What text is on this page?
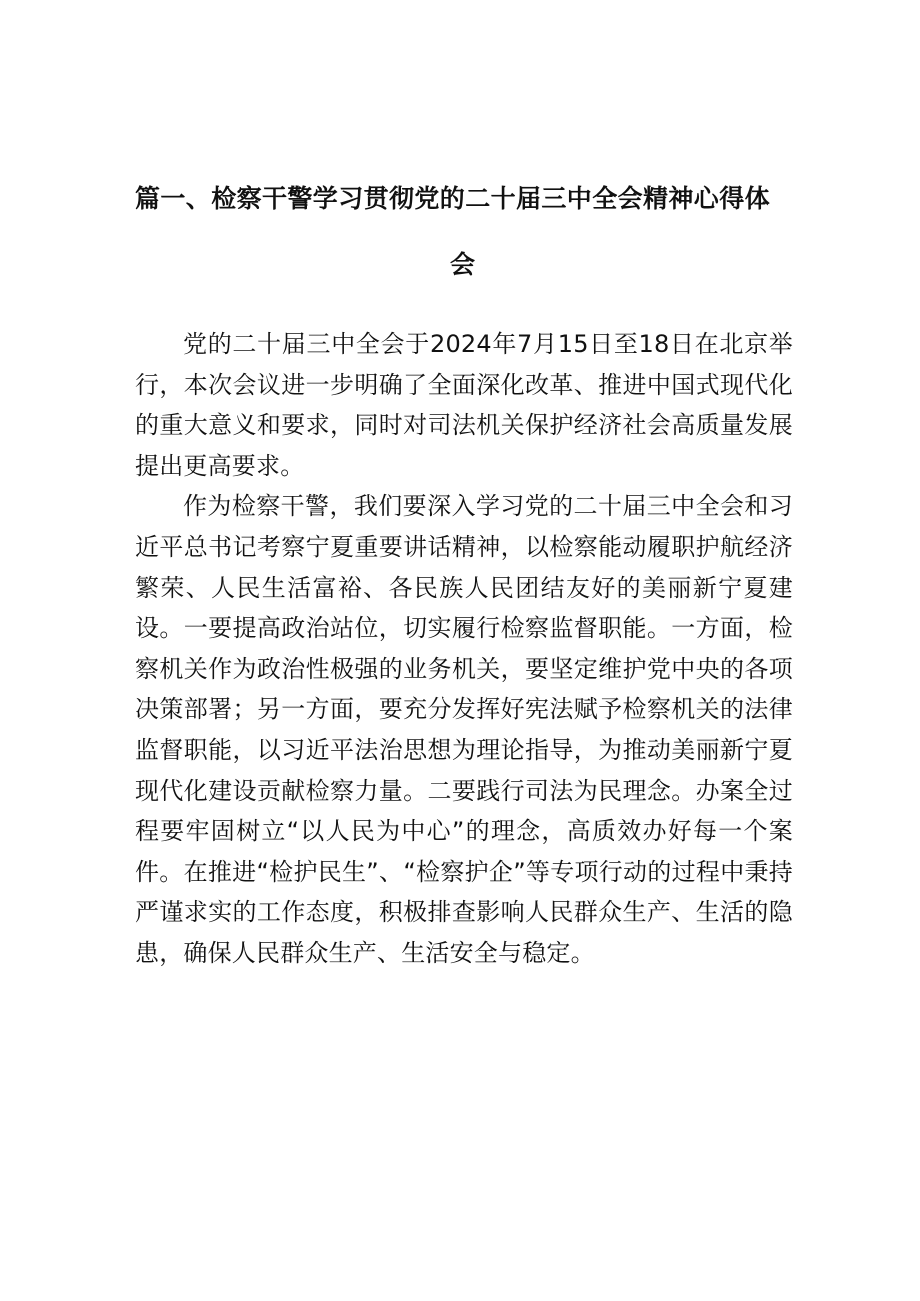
篇一、检察干警学习贯彻党的二十届三中全会精神心得体
会

党的二十届三中全会于2024年7月15日至18日在北京举行，本次会议进一步明确了全面深化改革、推进中国式现代化的重大意义和要求，同时对司法机关保护经济社会高质量发展提出更高要求。

作为检察干警，我们要深入学习党的二十届三中全会和习近平总书记考察宁夏重要讲话精神，以检察能动履职护航经济繁荣、人民生活富裕、各民族人民团结友好的美丽新宁夏建设。一要提高政治站位，切实履行检察监督职能。一方面，检察机关作为政治性极强的业务机关，要坚定维护党中央的各项决策部署；另一方面，要充分发挥好宪法赋予检察机关的法律监督职能，以习近平法治思想为理论指导，为推动美丽新宁夏现代化建设贡献检察力量。二要践行司法为民理念。办案全过程要牢固树立“以人民为中心”的理念，高质效办好每一个案件。在推进“检护民生”、“检察护企”等专项行动的过程中秉持严谨求实的工作态度，积极排查影响人民群众生产、生活的隐患，确保人民群众生产、生活安全与稳定。
